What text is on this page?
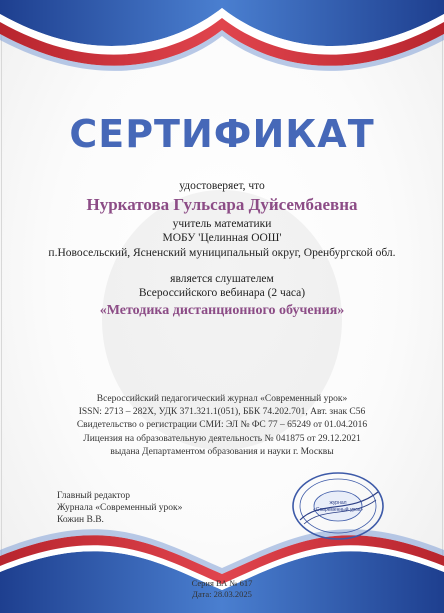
СЕРТИФИКАТ
удостоверяет, что
Нуркатова Гульсара Дуйсембаевна
учитель математики
МОБУ 'Целинная ООШ'
п.Новосельский, Ясненский муниципальный округ, Оренбургской обл.
является слушателем
Всероссийского вебинара (2 часа)
«Методика дистанционного обучения»
Всероссийский педагогический журнал «Современный урок»
ISSN: 2713 – 282X, УДК 371.321.1(051), ББК 74.202.701, Авт. знак С56
Свидетельство о регистрации СМИ: ЭЛ № ФС 77 – 65249 от 01.04.2016
Лицензия на образовательную деятельность № 041875 от 29.12.2021
выдана Департаментом образования и науки г. Москвы
Главный редактор
Журнала «Современный урок»
Кожин В.В.
журнал
«Современный урок»
Серия ВА № 617
Дата: 28.03.2025
